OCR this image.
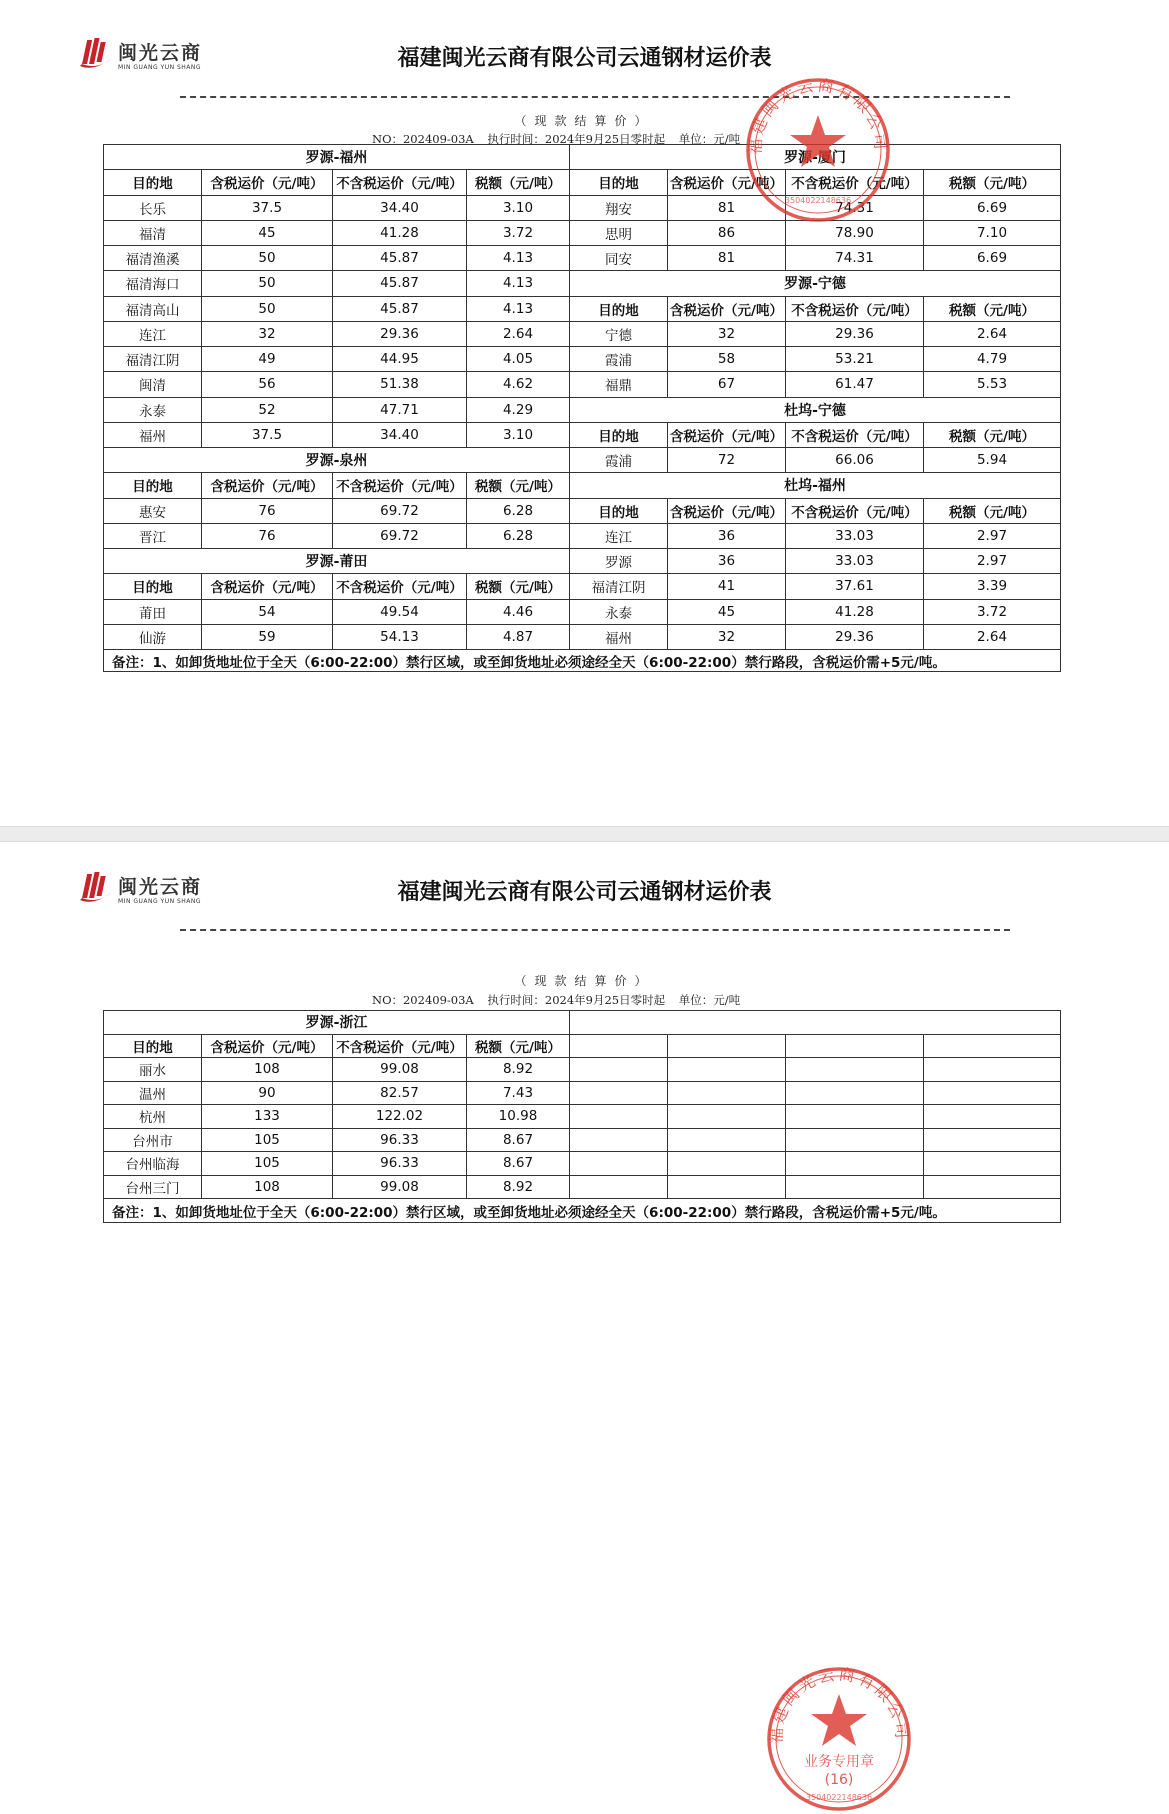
闽光云商
MIN GUANG YUN SHANG	福建闽光云商有限公司云通钢材运价表
（现款结算价）
NO：202409-03A 执行时间：2024年9月25日零时起 单位：元/吨
罗源-福州				罗源-厦门			
目的地	含税运价（元/吨）	不含税运价（元/吨）	税额（元/吨）	目的地	含税运价（元/吨）	不含税运价（元/吨）	税额（元/吨）
长乐	37.5	34.40	3.10	翔安	81	74.31	6.69
福清	45	41.28	3.72	思明	86	78.90	7.10
福清渔溪	50	45.87	4.13	同安	81	74.31	6.69
福清海口	50	45.87	4.13	罗源-宁德			
福清高山	50	45.87	4.13	目的地	含税运价（元/吨）	不含税运价（元/吨）	税额（元/吨）
连江	32	29.36	2.64	宁德	32	29.36	2.64
福清江阴	49	44.95	4.05	霞浦	58	53.21	4.79
闽清	56	51.38	4.62	福鼎	67	61.47	5.53
永泰	52	47.71	4.29	杜坞-宁德			
福州	37.5	34.40	3.10	目的地	含税运价（元/吨）	不含税运价（元/吨）	税额（元/吨）
罗源-泉州				霞浦	72	66.06	5.94
目的地	含税运价（元/吨）	不含税运价（元/吨）	税额（元/吨）	杜坞-福州			
惠安	76	69.72	6.28	目的地	含税运价（元/吨）	不含税运价（元/吨）	税额（元/吨）
晋江	76	69.72	6.28	连江	36	33.03	2.97
罗源-莆田				罗源	36	33.03	2.97
目的地	含税运价（元/吨）	不含税运价（元/吨）	税额（元/吨）	福清江阴	41	37.61	3.39
莆田	54	49.54	4.46	永泰	45	41.28	3.72
仙游	59	54.13	4.87	福州	32	29.36	2.64
备注：1、如卸货地址位于全天（6:00-22:00）禁行区域，或至卸货地址必须途经全天（6:00-22:00）禁行路段，含税运价需+5元/吨。							
福建闽光云商有限公司
3504022148636
闽光云商
MIN GUANG YUN SHANG	福建闽光云商有限公司云通钢材运价表
（现款结算价）
NO：202409-03A 执行时间：2024年9月25日零时起 单位：元/吨
罗源-浙江							
目的地	含税运价（元/吨）	不含税运价（元/吨）	税额（元/吨）				
丽水	108	99.08	8.92				
温州	90	82.57	7.43				
杭州	133	122.02	10.98				
台州市	105	96.33	8.67				
台州临海	105	96.33	8.67				
台州三门	108	99.08	8.92				
备注：1、如卸货地址位于全天（6:00-22:00）禁行区域，或至卸货地址必须途经全天（6:00-22:00）禁行路段，含税运价需+5元/吨。							
福建闽光云商有限公司
业务专用章
(16)
3504022148636
